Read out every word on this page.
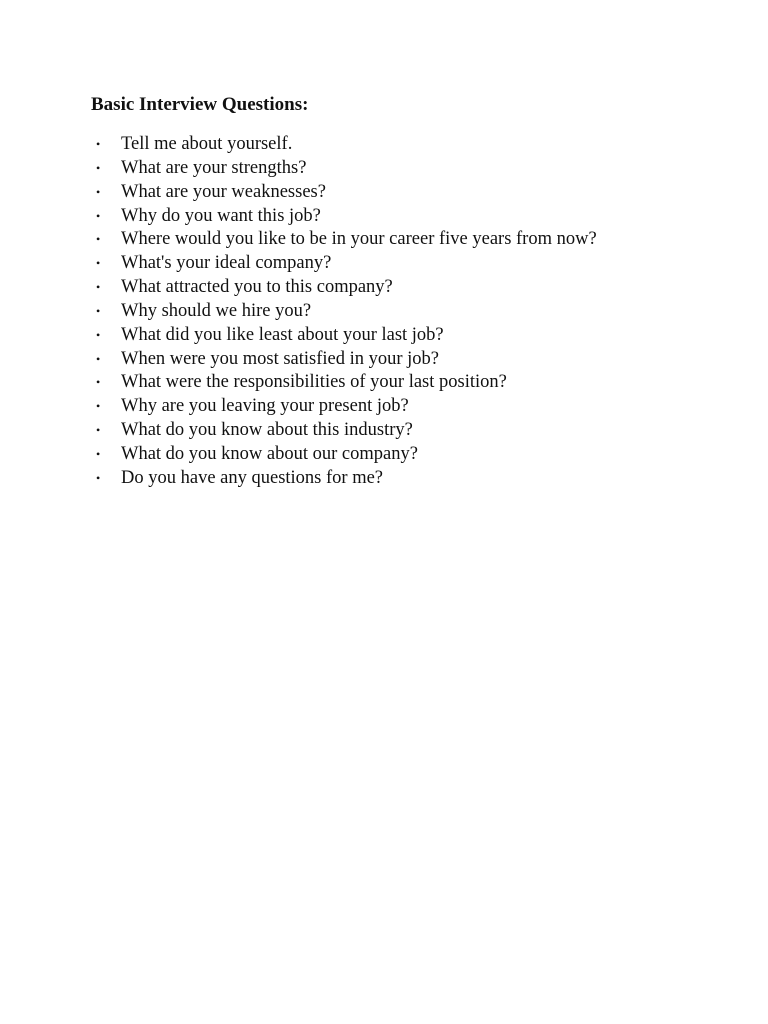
Basic Interview Questions:
• Tell me about yourself.
• What are your strengths?
• What are your weaknesses?
• Why do you want this job?
• Where would you like to be in your career five years from now?
• What's your ideal company?
• What attracted you to this company?
• Why should we hire you?
• What did you like least about your last job?
• When were you most satisfied in your job?
• What were the responsibilities of your last position?
• Why are you leaving your present job?
• What do you know about this industry?
• What do you know about our company?
• Do you have any questions for me?
